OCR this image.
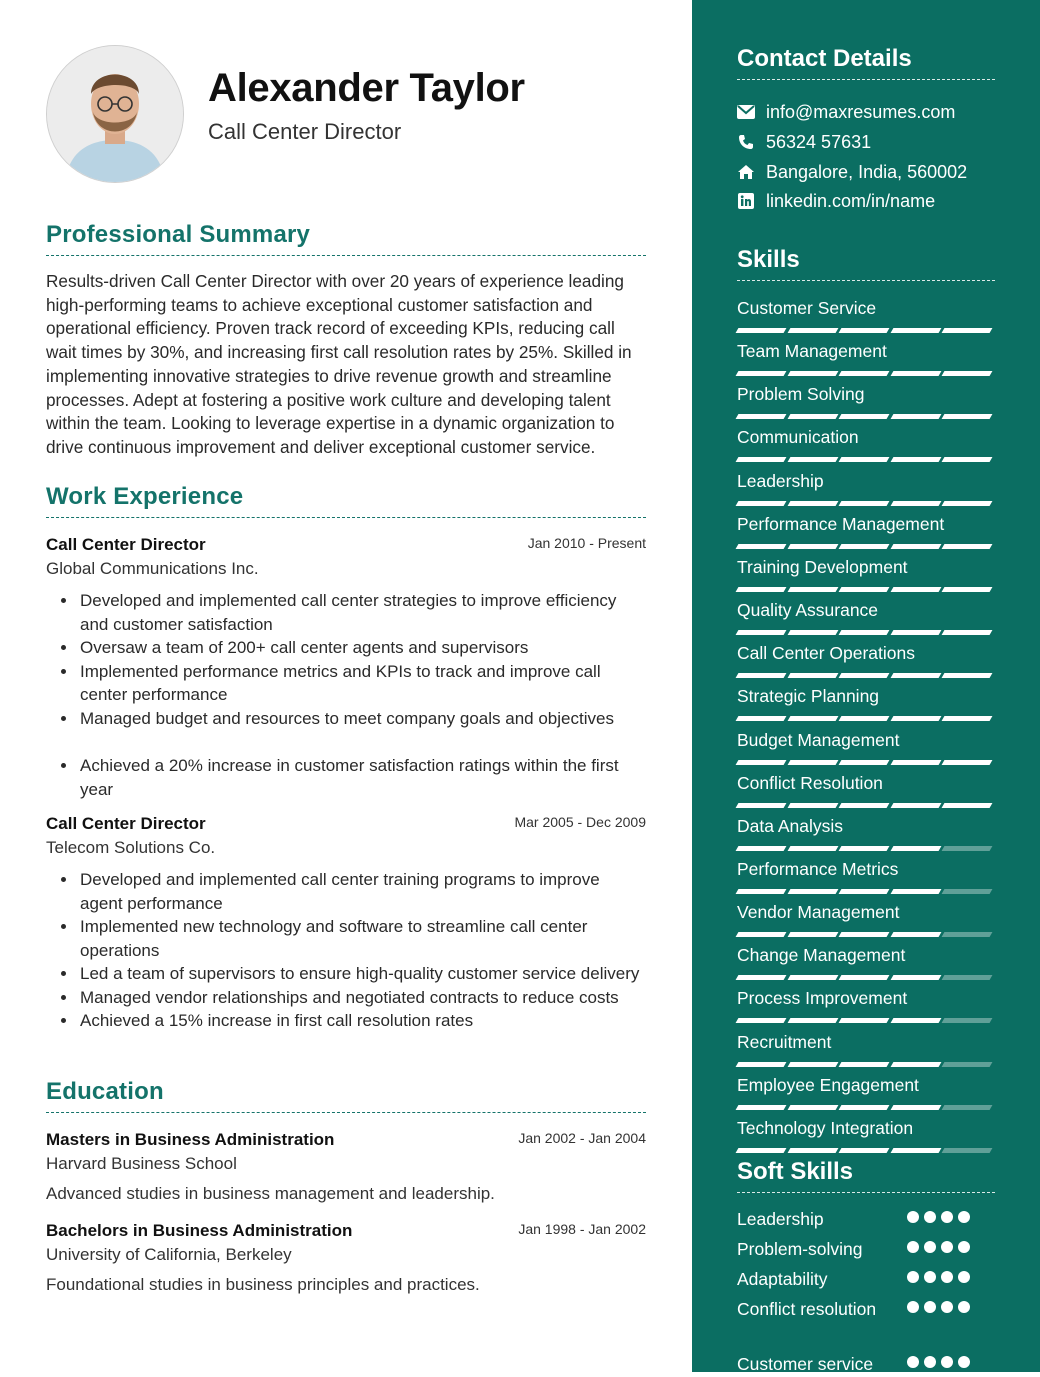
Alexander Taylor
Call Center Director
Professional Summary

Results-driven Call Center Director with over 20 years of experience leading high-performing teams to achieve exceptional customer satisfaction and operational efficiency. Proven track record of exceeding KPIs, reducing call wait times by 30%, and increasing first call resolution rates by 25%. Skilled in implementing innovative strategies to drive revenue growth and streamline processes. Adept at fostering a positive work culture and developing talent within the team. Looking to leverage expertise in a dynamic organization to drive continuous improvement and deliver exceptional customer service.

Work Experience
Call Center Director	Jan 2010 - Present
Global Communications Inc.
• Developed and implemented call center strategies to improve efficiency and customer satisfaction
• Oversaw a team of 200+ call center agents and supervisors
• Implemented performance metrics and KPIs to track and improve call center performance
• Managed budget and resources to meet company goals and objectives
• Achieved a 20% increase in customer satisfaction ratings within the first year
Call Center Director	Mar 2005 - Dec 2009
Telecom Solutions Co.
• Developed and implemented call center training programs to improve agent performance
• Implemented new technology and software to streamline call center operations
• Led a team of supervisors to ensure high-quality customer service delivery
• Managed vendor relationships and negotiated contracts to reduce costs
• Achieved a 15% increase in first call resolution rates
Education
Masters in Business Administration	Jan 2002 - Jan 2004
Harvard Business School
Advanced studies in business management and leadership.
Bachelors in Business Administration	Jan 1998 - Jan 2002
University of California, Berkeley
Foundational studies in business principles and practices.
Contact Details
info@maxresumes.com
56324 57631
Bangalore, India, 560002
linkedin.com/in/name
Skills
Customer Service
Team Management
Problem Solving
Communication
Leadership
Performance Management
Training Development
Quality Assurance
Call Center Operations
Strategic Planning
Budget Management
Conflict Resolution
Data Analysis
Performance Metrics
Vendor Management
Change Management
Process Improvement
Recruitment
Employee Engagement
Technology Integration
Soft Skills
Leadership
Problem-solving
Adaptability
Conflict resolution
Customer service
